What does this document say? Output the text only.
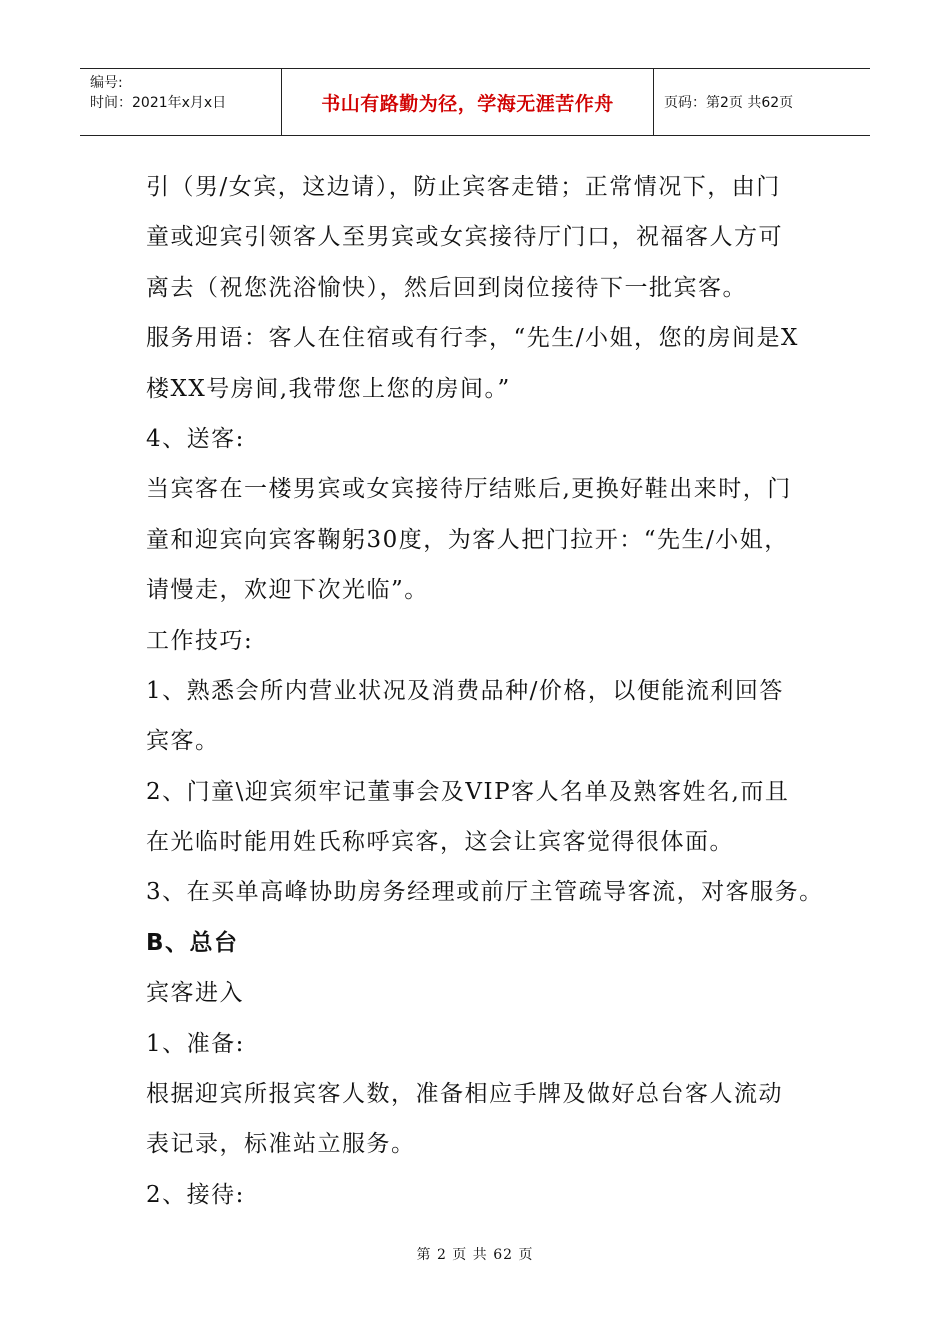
编号:
时间：2021年x月x日	书山有路勤为径，学海无涯苦作舟	页码：第2页 共62页
引（男/女宾，这边请），防止宾客走错；正常情况下，由门
童或迎宾引领客人至男宾或女宾接待厅门口，祝福客人方可
离去（祝您洗浴愉快），然后回到岗位接待下一批宾客。
服务用语：客人在住宿或有行李，“先生/小姐，您的房间是X
楼XX号房间,我带您上您的房间。”
4、送客:
当宾客在一楼男宾或女宾接待厅结账后,更换好鞋出来时，门
童和迎宾向宾客鞠躬30度，为客人把门拉开：“先生/小姐，
请慢走，欢迎下次光临”。
工作技巧:
1、熟悉会所内营业状况及消费品种/价格，以便能流利回答
宾客。
2、门童\迎宾须牢记董事会及VIP客人名单及熟客姓名,而且
在光临时能用姓氏称呼宾客，这会让宾客觉得很体面。
3、在买单高峰协助房务经理或前厅主管疏导客流，对客服务。
B、总台
宾客进入
1、准备:
根据迎宾所报宾客人数，准备相应手牌及做好总台客人流动
表记录，标准站立服务。
2、接待:
第 2 页 共 62 页
